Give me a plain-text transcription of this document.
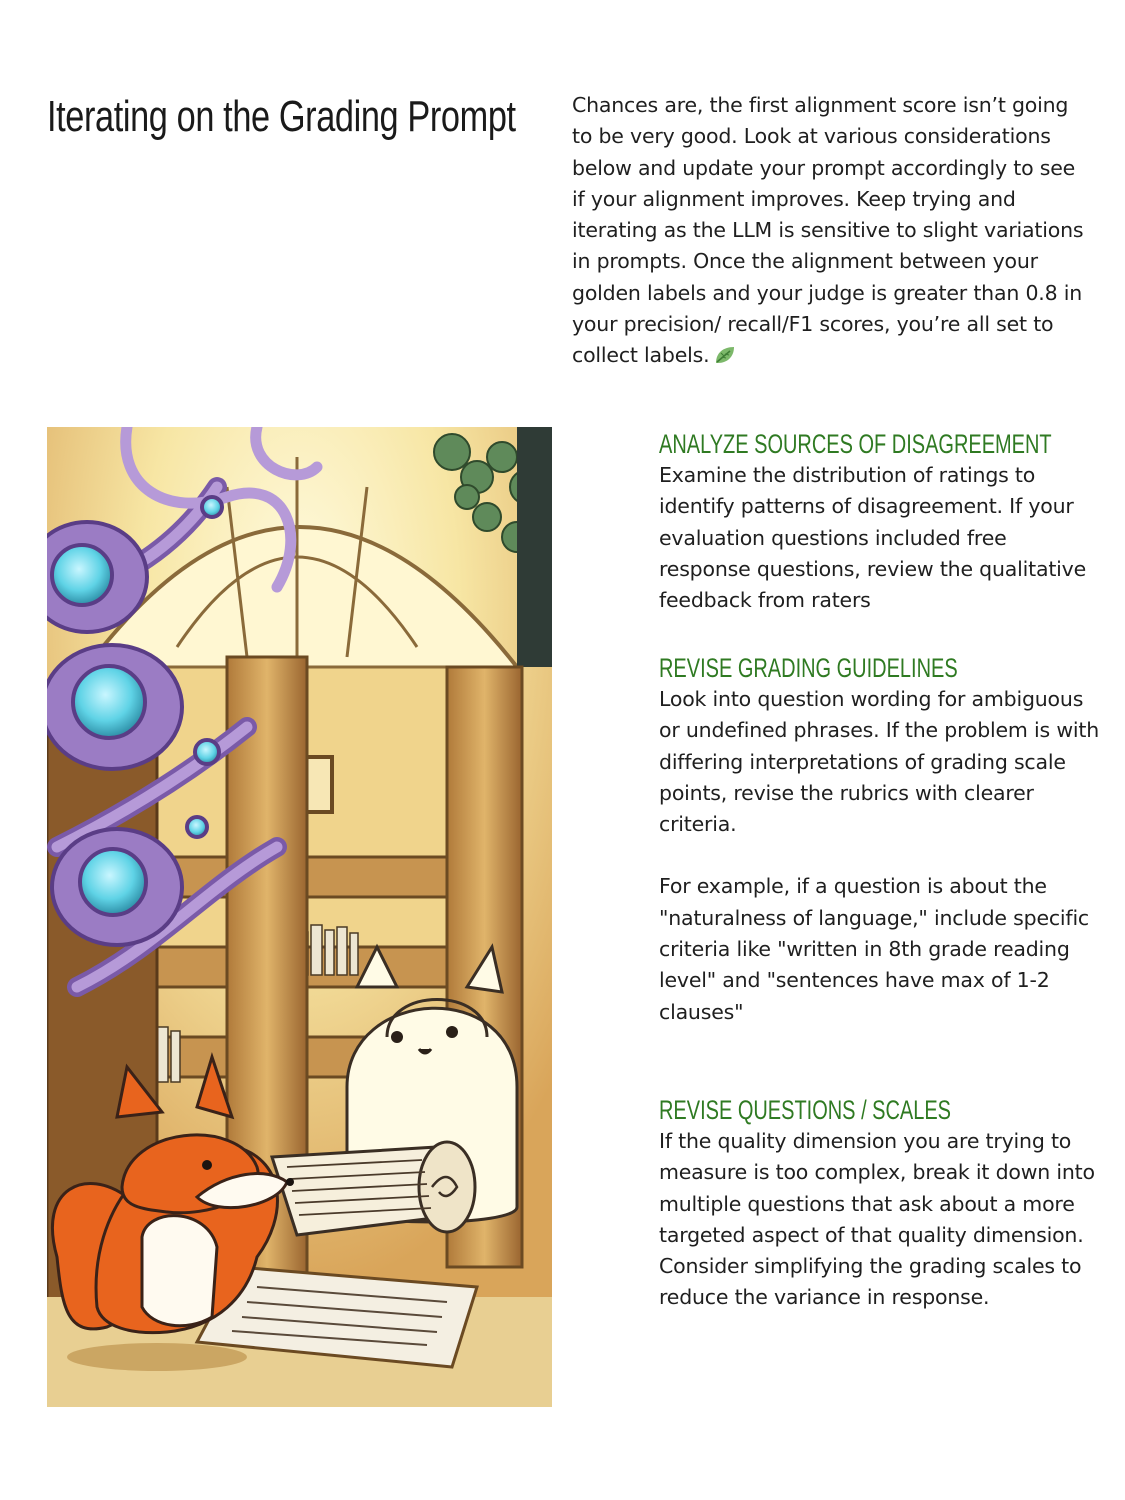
Iterating on the Grading Prompt	Chances are, the first alignment score isn’t going to be very good. Look at various considerations below and update your prompt accordingly to see if your alignment improves. Keep trying and iterating as the LLM is sensitive to slight variations in prompts. Once the alignment between your golden labels and your judge is greater than 0.8 in your precision/ recall/F1 scores, you’re all set to collect labels.

ANALYZE SOURCES OF DISAGREEMENT

Examine the distribution of ratings to identify patterns of disagreement. If your evaluation questions included free response questions, review the qualitative feedback from raters

REVISE GRADING GUIDELINES

Look into question wording for ambiguous or undefined phrases. If the problem is with differing interpretations of grading scale points, revise the rubrics with clearer criteria.

For example, if a question is about the "naturalness of language," include specific criteria like "written in 8th grade reading level" and "sentences have max of 1-2 clauses"

REVISE QUESTIONS / SCALES

If the quality dimension you are trying to measure is too complex, break it down into multiple questions that ask about a more targeted aspect of that quality dimension. Consider simplifying the grading scales to reduce the variance in response.
